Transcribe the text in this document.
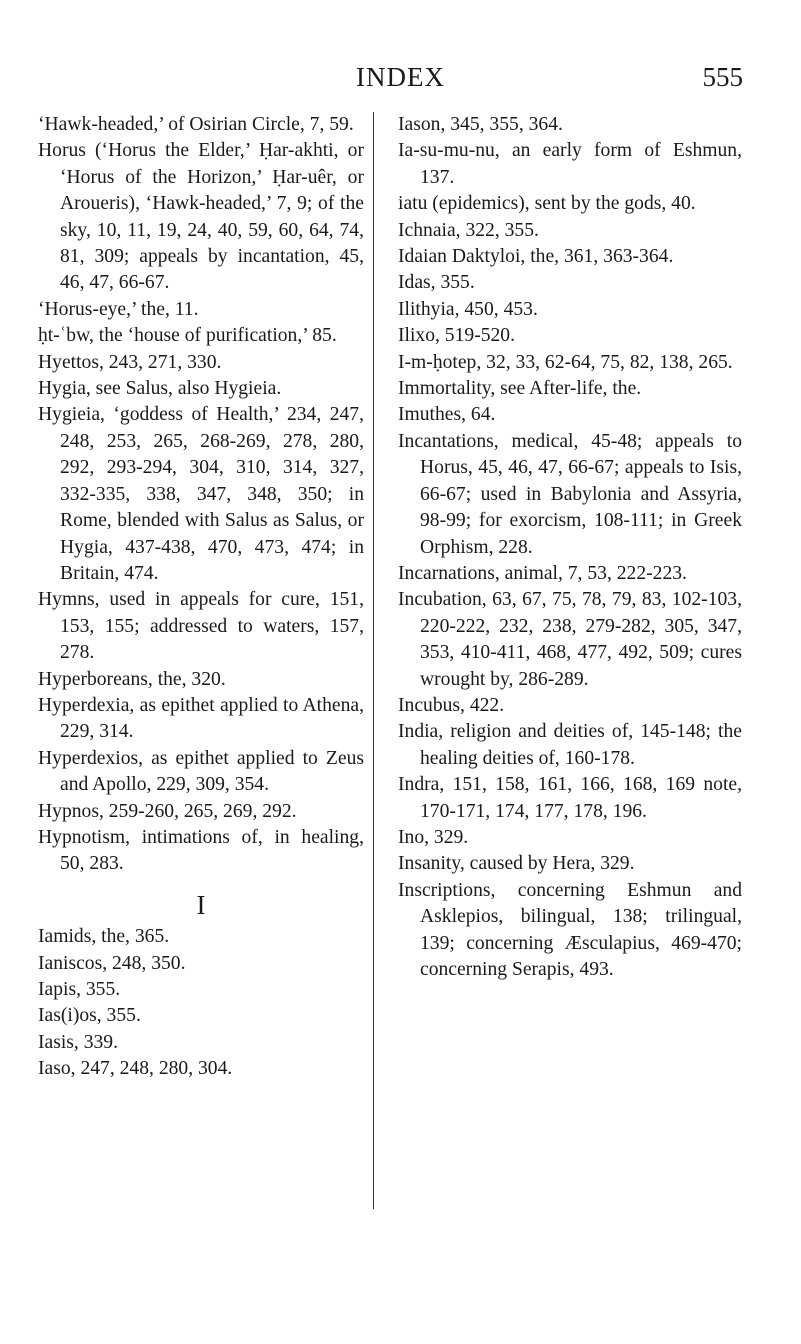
INDEX	555

‘Hawk-headed,’ of Osirian Circle, 7, 59.

Horus (‘Horus the Elder,’ Ḥar-akhti, or ‘Horus of the Horizon,’ Ḥar-uêr, or Aroueris), ‘Hawk-headed,’ 7, 9; of the sky, 10, 11, 19, 24, 40, 59, 60, 64, 74, 81, 309; appeals by incantation, 45, 46, 47, 66-67.

‘Horus-eye,’ the, 11.

ḥt-ʿbw, the ‘house of purification,’ 85.

Hyettos, 243, 271, 330.

Hygia, see Salus, also Hygieia.

Hygieia, ‘goddess of Health,’ 234, 247, 248, 253, 265, 268-269, 278, 280, 292, 293-294, 304, 310, 314, 327, 332-335, 338, 347, 348, 350; in Rome, blended with Salus as Salus, or Hygia, 437-438, 470, 473, 474; in Britain, 474.

Hymns, used in appeals for cure, 151, 153, 155; addressed to waters, 157, 278.

Hyperboreans, the, 320.

Hyperdexia, as epithet applied to Athena, 229, 314.

Hyperdexios, as epithet applied to Zeus and Apollo, 229, 309, 354.

Hypnos, 259-260, 265, 269, 292.

Hypnotism, intimations of, in healing, 50, 283.

I

Iamids, the, 365.

Ianiscos, 248, 350.

Iapis, 355.

Ias(i)os, 355.

Iasis, 339.

Iaso, 247, 248, 280, 304.

Iason, 345, 355, 364.

Ia-su-mu-nu, an early form of Eshmun, 137.

iatu (epidemics), sent by the gods, 40.

Ichnaia, 322, 355.

Idaian Daktyloi, the, 361, 363-364.

Idas, 355.

Ilithyia, 450, 453.

Ilixo, 519-520.

I-m-ḥotep, 32, 33, 62-64, 75, 82, 138, 265.

Immortality, see After-life, the.

Imuthes, 64.

Incantations, medical, 45-48; appeals to Horus, 45, 46, 47, 66-67; appeals to Isis, 66-67; used in Babylonia and Assyria, 98-99; for exorcism, 108-111; in Greek Orphism, 228.

Incarnations, animal, 7, 53, 222-223.

Incubation, 63, 67, 75, 78, 79, 83, 102-103, 220-222, 232, 238, 279-282, 305, 347, 353, 410-411, 468, 477, 492, 509; cures wrought by, 286-289.

Incubus, 422.

India, religion and deities of, 145-148; the healing deities of, 160-178.

Indra, 151, 158, 161, 166, 168, 169 note, 170-171, 174, 177, 178, 196.

Ino, 329.

Insanity, caused by Hera, 329.

Inscriptions, concerning Eshmun and Asklepios, bilingual, 138; trilingual, 139; concerning Æsculapius, 469-470; concerning Serapis, 493.
